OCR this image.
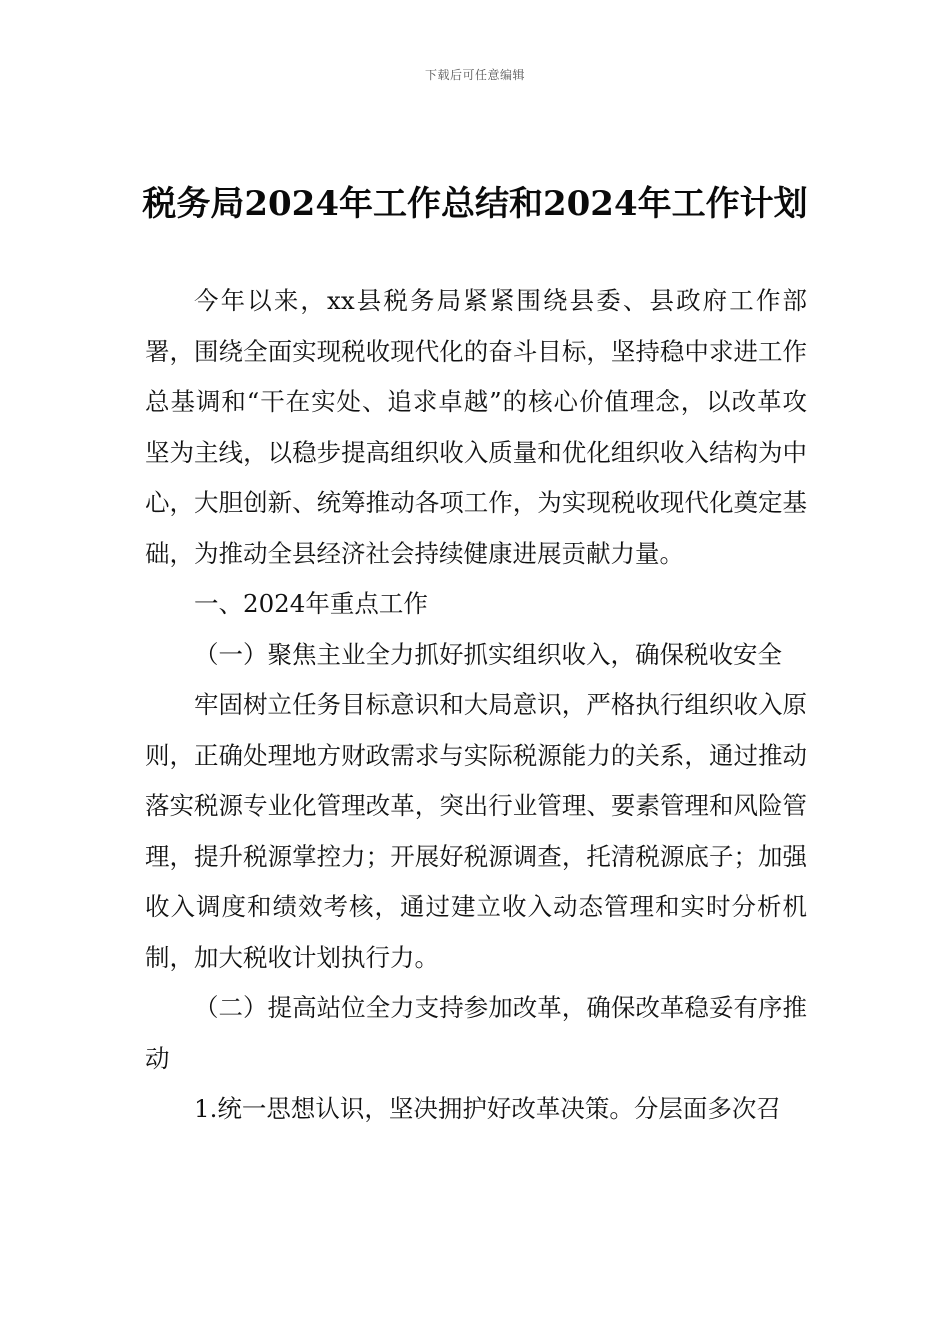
下载后可任意编辑
税务局2024年工作总结和2024年工作计划

今年以来，xx县税务局紧紧围绕县委、县政府工作部署，围绕全面实现税收现代化的奋斗目标，坚持稳中求进工作总基调和“干在实处、追求卓越”的核心价值理念，以改革攻坚为主线，以稳步提高组织收入质量和优化组织收入结构为中心，大胆创新、统筹推动各项工作，为实现税收现代化奠定基础，为推动全县经济社会持续健康进展贡献力量。

一、2024年重点工作

（一）聚焦主业全力抓好抓实组织收入，确保税收安全

牢固树立任务目标意识和大局意识，严格执行组织收入原则，正确处理地方财政需求与实际税源能力的关系，通过推动落实税源专业化管理改革，突出行业管理、要素管理和风险管理，提升税源掌控力；开展好税源调查，托清税源底子；加强收入调度和绩效考核，通过建立收入动态管理和实时分析机制，加大税收计划执行力。

（二）提高站位全力支持参加改革，确保改革稳妥有序推动

1.统一思想认识，坚决拥护好改革决策。分层面多次召
